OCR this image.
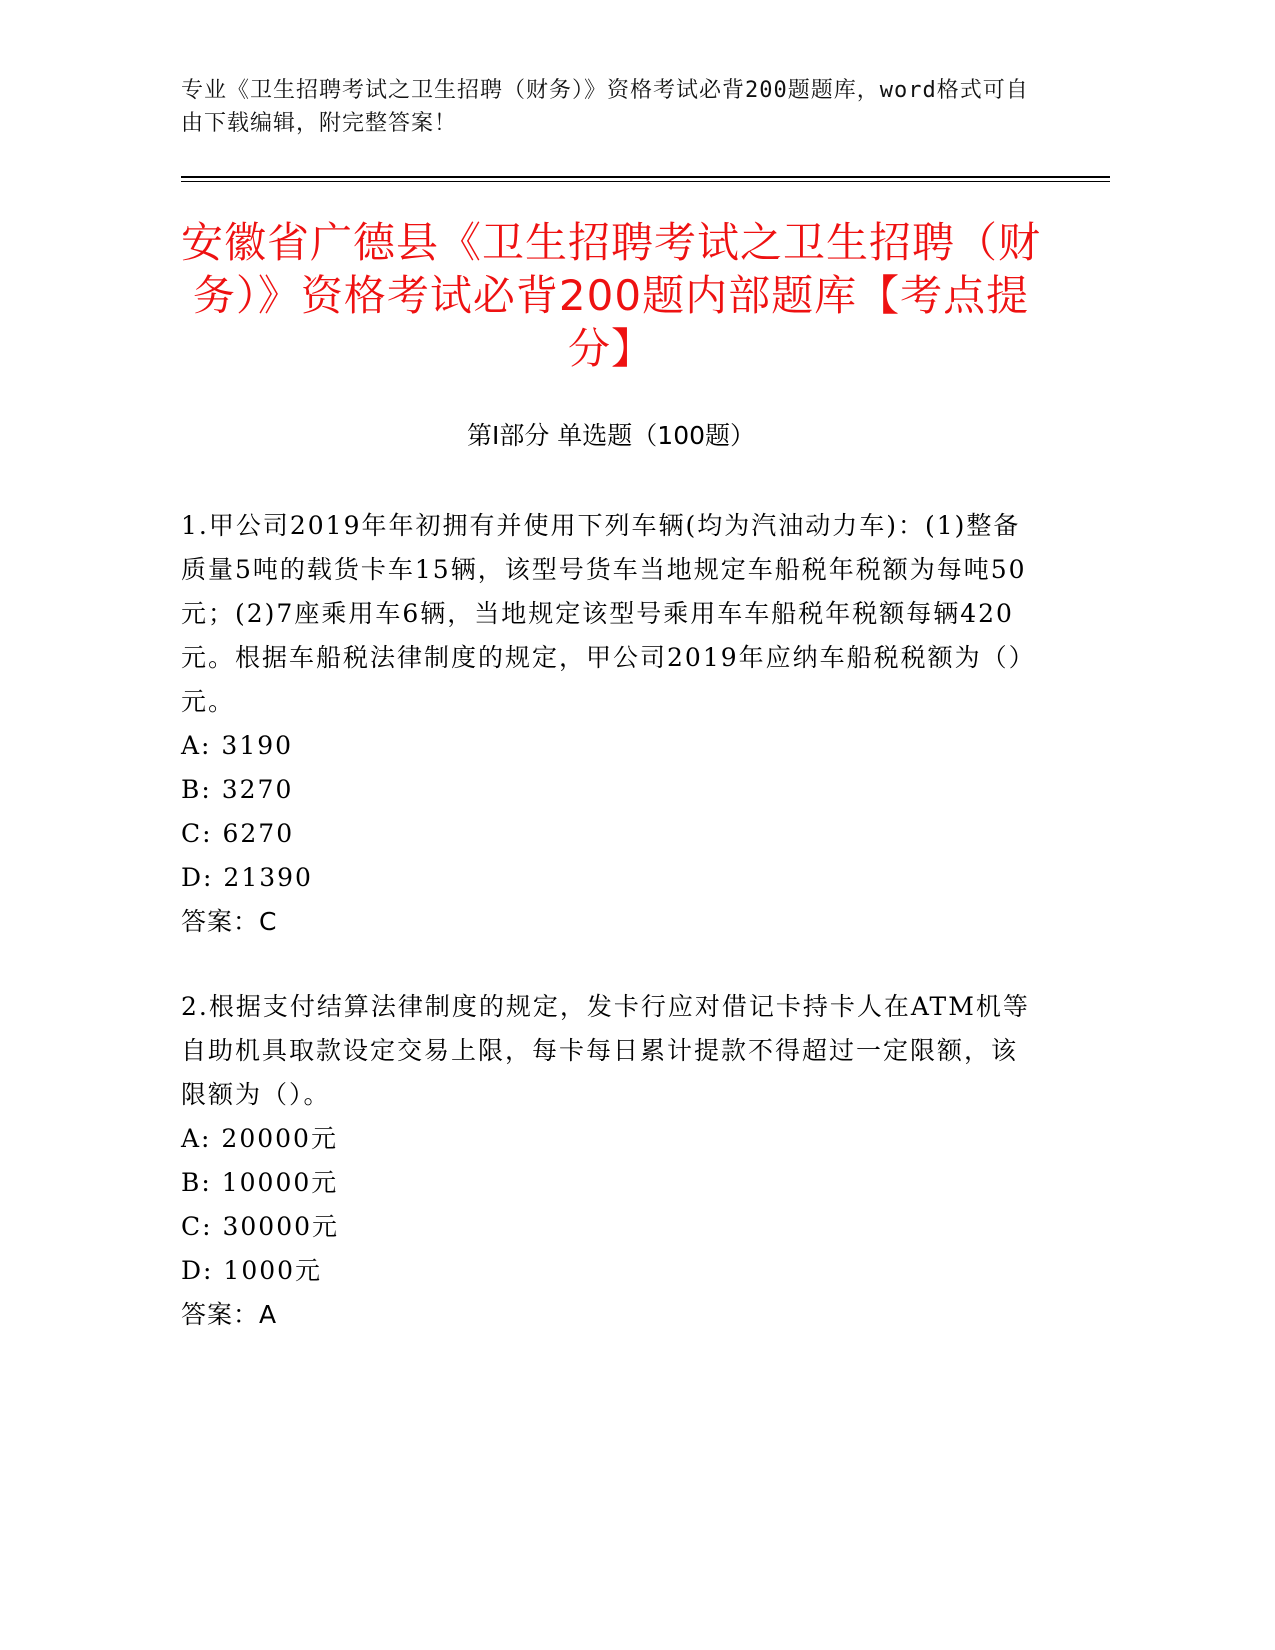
专业《卫生招聘考试之卫生招聘（财务）》资格考试必背200题题库，word格式可自由下载编辑，附完整答案！
安徽省广德县《卫生招聘考试之卫生招聘（财务）》资格考试必背200题内部题库【考点提分】
第Ⅰ部分 单选题（100题）

1.甲公司2019年年初拥有并使用下列车辆(均为汽油动力车)：(1)整备质量5吨的载货卡车15辆，该型号货车当地规定车船税年税额为每吨50元；(2)7座乘用车6辆，当地规定该型号乘用车车船税年税额每辆420元。根据车船税法律制度的规定，甲公司2019年应纳车船税税额为（）元。

A: 3190

B: 3270

C: 6270

D: 21390

答案：C

2.根据支付结算法律制度的规定，发卡行应对借记卡持卡人在ATM机等自助机具取款设定交易上限，每卡每日累计提款不得超过一定限额，该限额为（）。

A: 20000元

B: 10000元

C: 30000元

D: 1000元

答案：A
